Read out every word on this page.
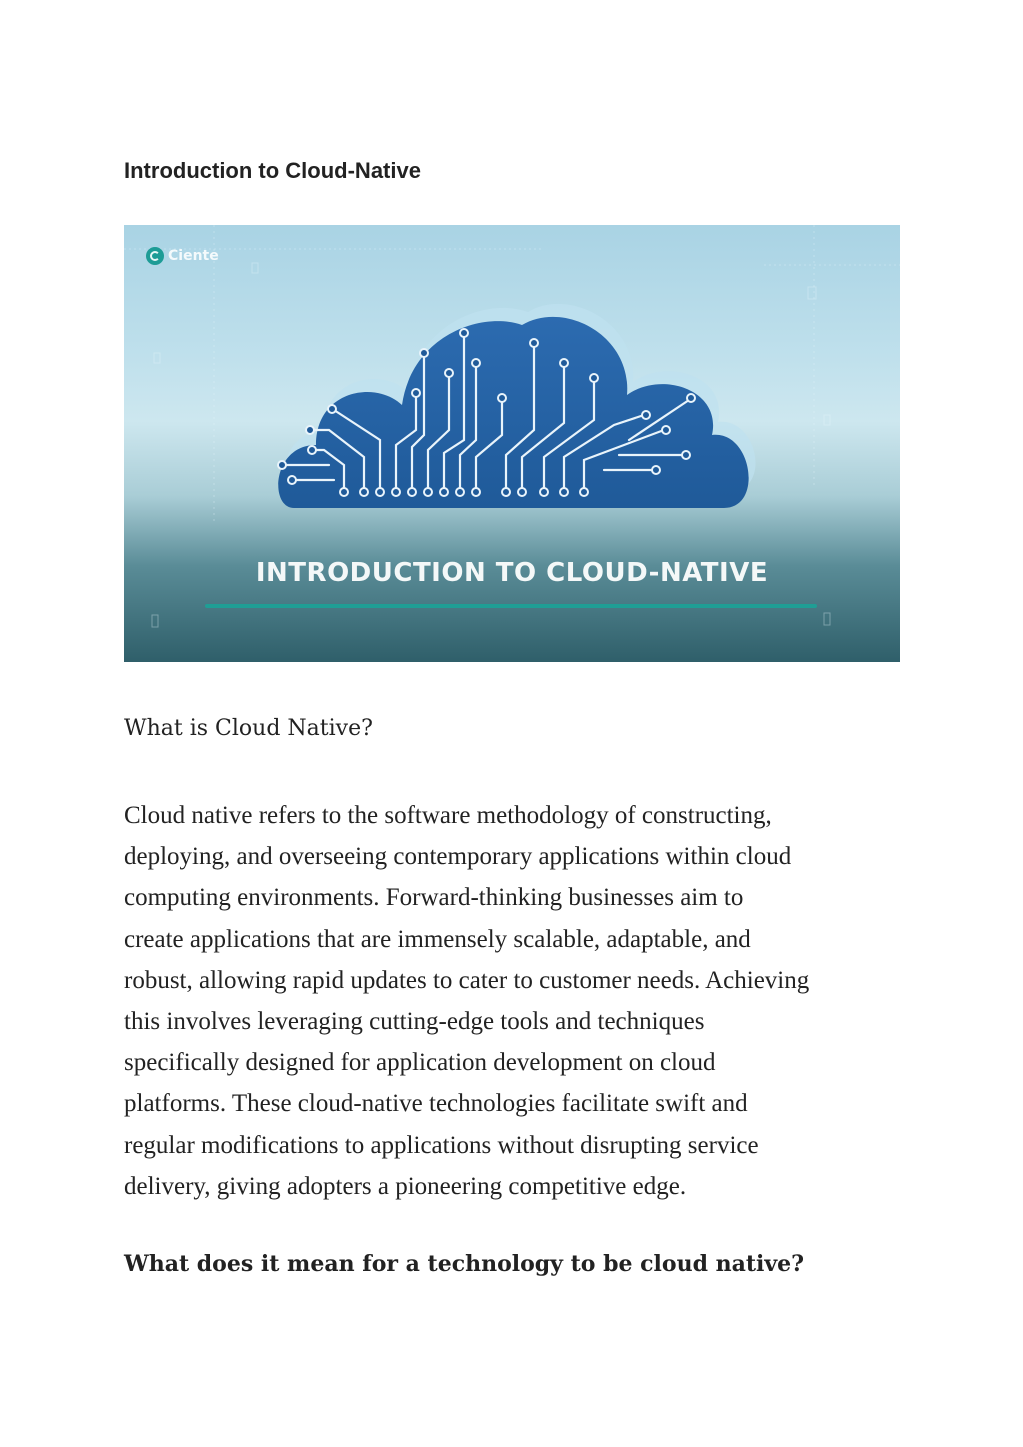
Introduction to Cloud-Native
Ciente
INTRODUCTION TO CLOUD-NATIVE
What is Cloud Native?
Cloud native refers to the software methodology of constructing,
deploying, and overseeing contemporary applications within cloud
computing environments. Forward-thinking businesses aim to
create applications that are immensely scalable, adaptable, and
robust, allowing rapid updates to cater to customer needs. Achieving
this involves leveraging cutting-edge tools and techniques
specifically designed for application development on cloud
platforms. These cloud-native technologies facilitate swift and
regular modifications to applications without disrupting service
delivery, giving adopters a pioneering competitive edge.
What does it mean for a technology to be cloud native?
